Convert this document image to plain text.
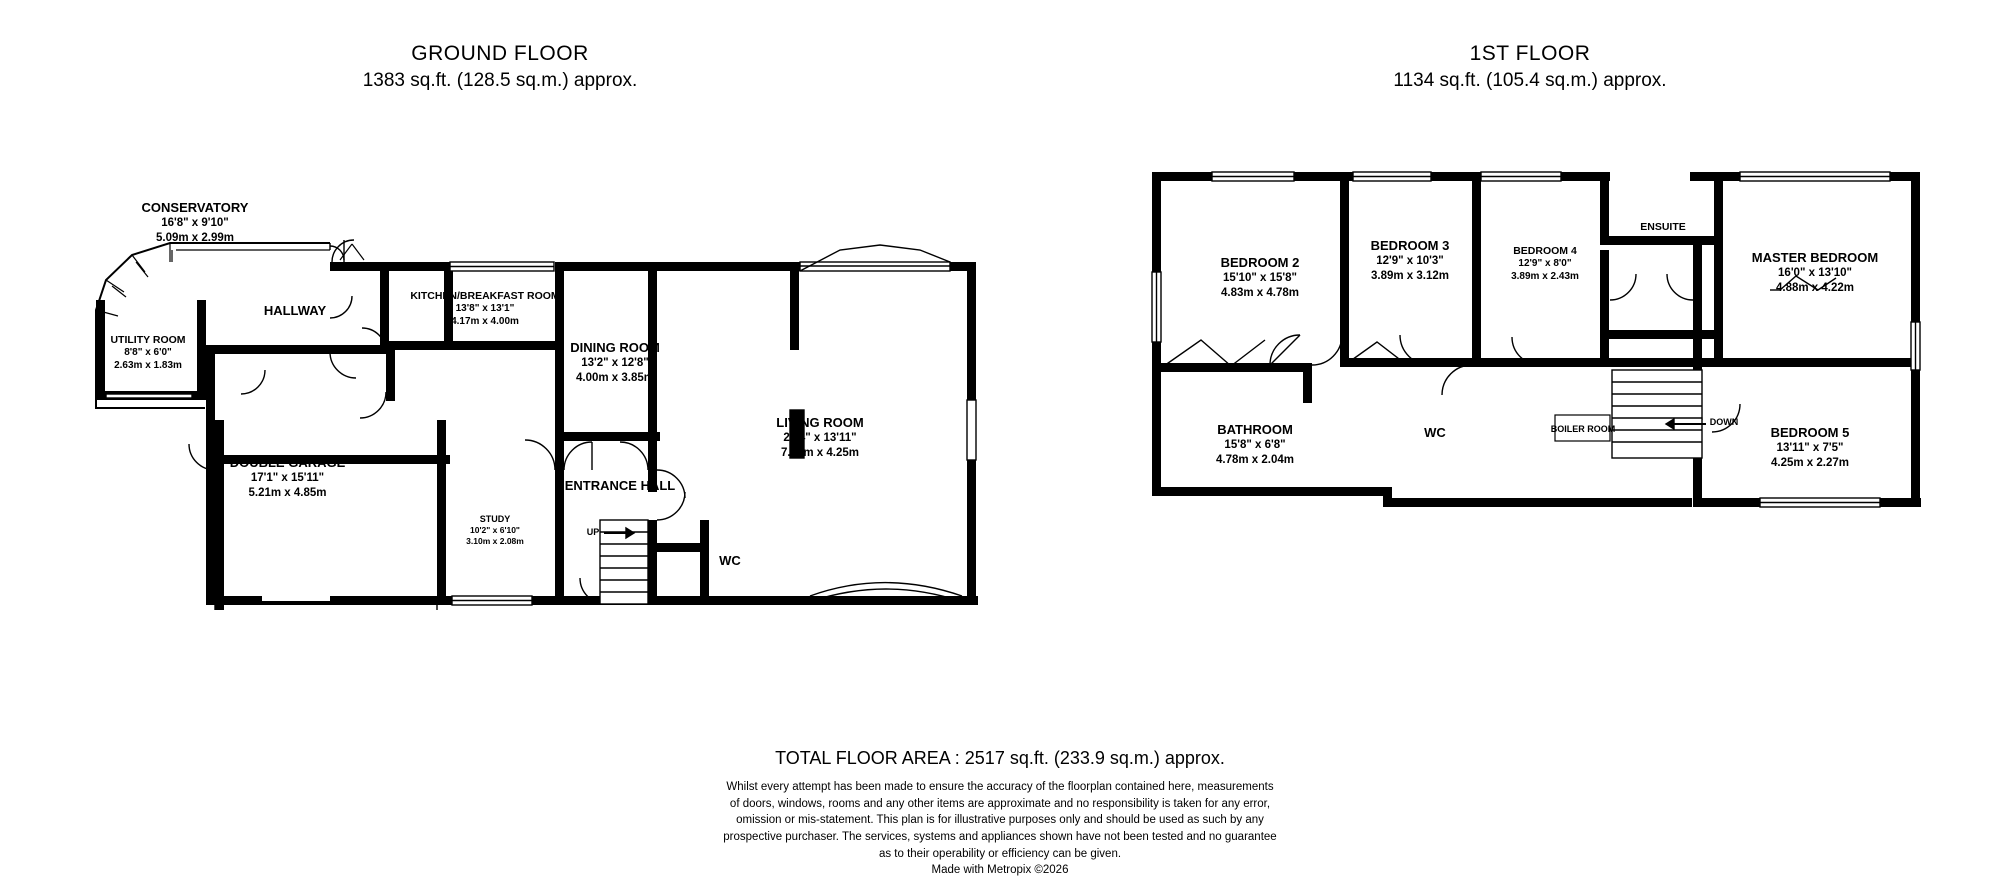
GROUND FLOOR
1383 sq.ft. (128.5 sq.m.) approx.
1ST FLOOR
1134 sq.ft. (105.4 sq.m.) approx.
CONSERVATORY
16'8" x 9'10"
5.09m x 2.99m
HALLWAY
KITCHEN/BREAKFAST ROOM
13'8" x 13'1"
4.17m x 4.00m
UTILITY ROOM
8'8" x 6'0"
2.63m x 1.83m
DINING ROOM
13'2" x 12'8"
4.00m x 3.85m
LIVING ROOM
23'4" x 13'11"
7.10m x 4.25m
DOUBLE GARAGE
17'1" x 15'11"
5.21m x 4.85m
STUDY
10'2" x 6'10"
3.10m x 2.08m
ENTRANCE HALL
WC
UP
BEDROOM 2
15'10" x 15'8"
4.83m x 4.78m
BEDROOM 3
12'9" x 10'3"
3.89m x 3.12m
BEDROOM 4
12'9" x 8'0"
3.89m x 2.43m
ENSUITE
MASTER BEDROOM
16'0" x 13'10"
4.88m x 4.22m
BATHROOM
15'8" x 6'8"
4.78m x 2.04m
WC	BOILER ROOM	BEDROOM 5
13'11" x 7'5"
4.25m x 2.27m
DOWN
TOTAL FLOOR AREA : 2517 sq.ft. (233.9 sq.m.) approx.
Whilst every attempt has been made to ensure the accuracy of the floorplan contained here, measurements
of doors, windows, rooms and any other items are approximate and no responsibility is taken for any error,
omission or mis-statement. This plan is for illustrative purposes only and should be used as such by any
prospective purchaser. The services, systems and appliances shown have not been tested and no guarantee
as to their operability or efficiency can be given.
Made with Metropix ©2026
